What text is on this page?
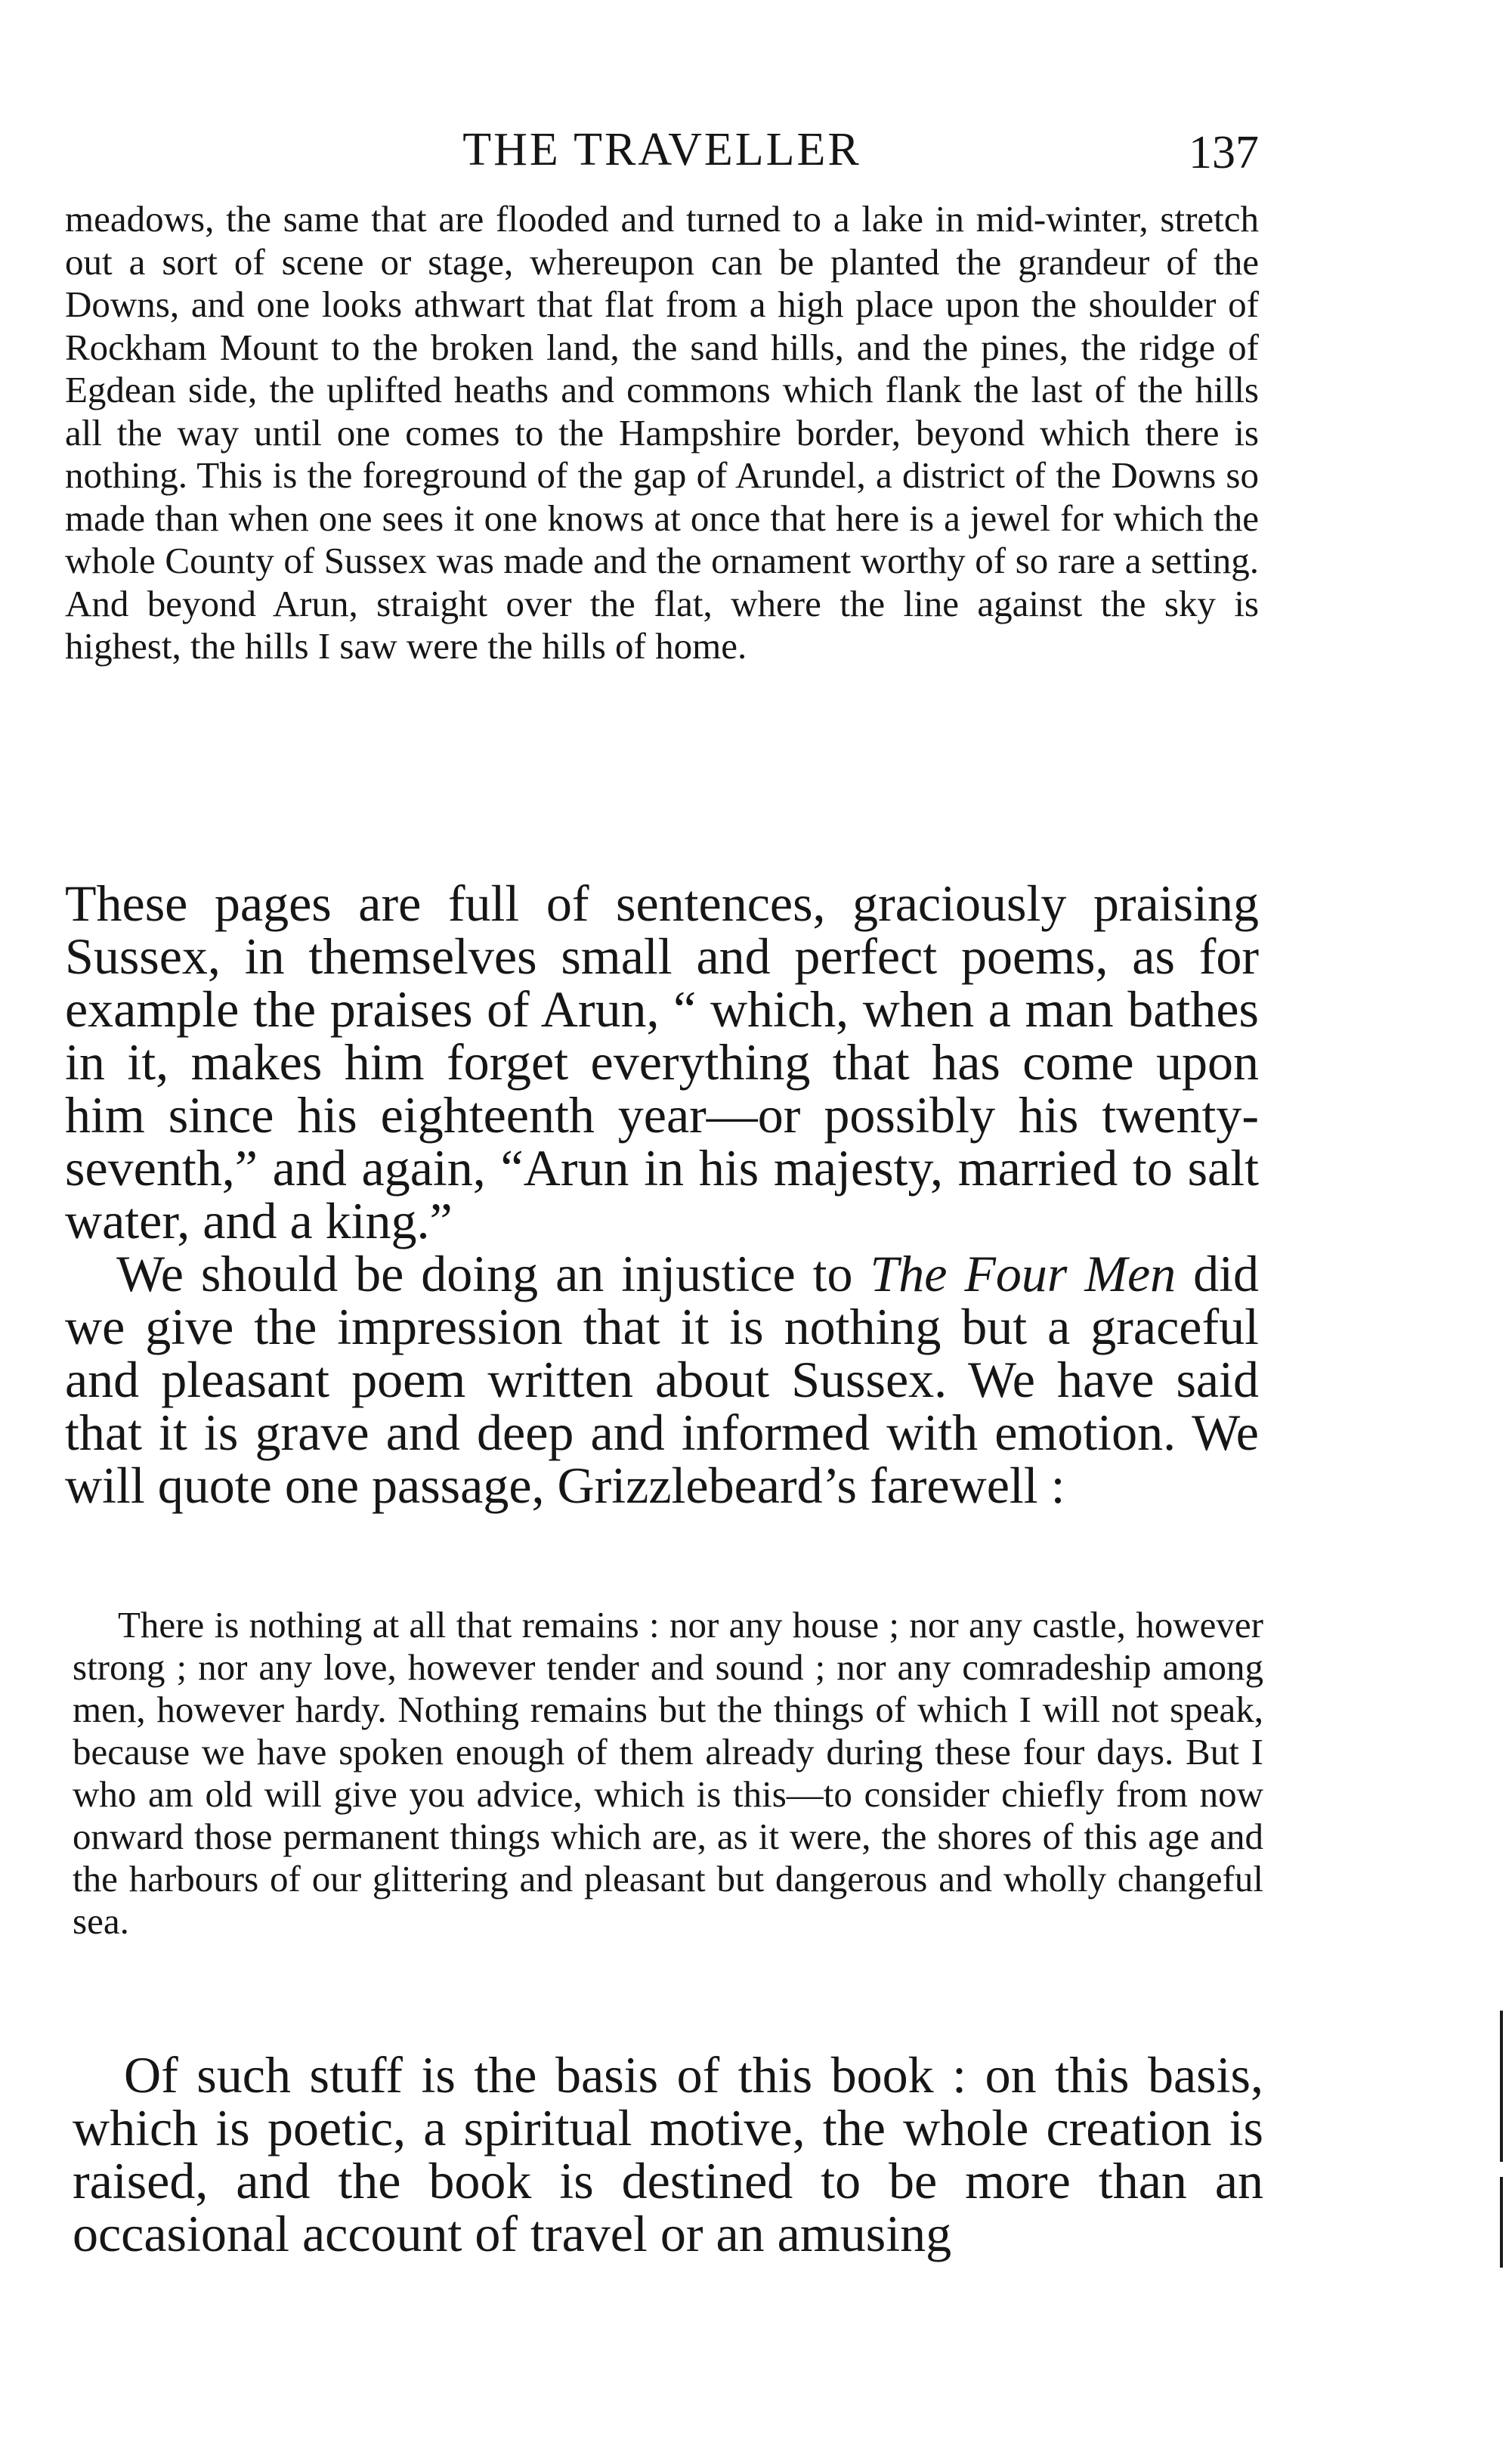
THE TRAVELLER	137

meadows, the same that are flooded and turned to a lake in mid-winter, stretch out a sort of scene or stage, whereupon can be planted the grandeur of the Downs, and one looks athwart that flat from a high place upon the shoulder of Rockham Mount to the broken land, the sand hills, and the pines, the ridge of Egdean side, the uplifted heaths and commons which flank the last of the hills all the way until one comes to the Hampshire border, beyond which there is nothing. This is the foreground of the gap of Arundel, a district of the Downs so made than when one sees it one knows at once that here is a jewel for which the whole County of Sussex was made and the ornament worthy of so rare a setting. And beyond Arun, straight over the flat, where the line against the sky is highest, the hills I saw were the hills of home.

These pages are full of sentences, graciously praising Sussex, in themselves small and perfect poems, as for example the praises of Arun, “ which, when a man bathes in it, makes him forget everything that has come upon him since his eighteenth year—or possibly his twenty-seventh,” and again, “Arun in his majesty, married to salt water, and a king.”

We should be doing an injustice to The Four Men did we give the impression that it is nothing but a graceful and pleasant poem written about Sussex. We have said that it is grave and deep and informed with emotion. We will quote one passage, Grizzlebeard’s farewell :

There is nothing at all that remains : nor any house ; nor any castle, however strong ; nor any love, however tender and sound ; nor any comradeship among men, however hardy. Nothing remains but the things of which I will not speak, because we have spoken enough of them already during these four days. But I who am old will give you advice, which is this—to consider chiefly from now onward those permanent things which are, as it were, the shores of this age and the harbours of our glittering and pleasant but dangerous and wholly changeful sea.

Of such stuff is the basis of this book : on this basis, which is poetic, a spiritual motive, the whole creation is raised, and the book is destined to be more than an occasional account of travel or an amusing
